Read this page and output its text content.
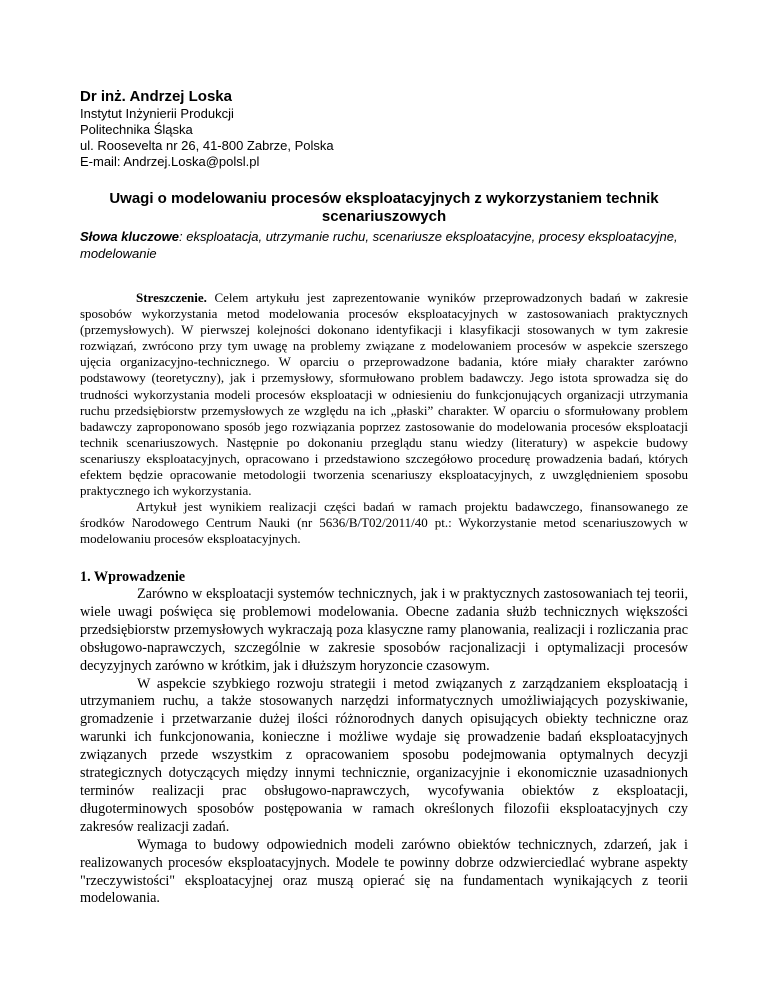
Dr inż. Andrzej Loska
Instytut Inżynierii Produkcji
Politechnika Śląska
ul. Roosevelta nr 26, 41-800 Zabrze, Polska
E-mail: Andrzej.Loska@polsl.pl
Uwagi o modelowaniu procesów eksploatacyjnych z wykorzystaniem technik scenariuszowych
Słowa kluczowe: eksploatacja, utrzymanie ruchu, scenariusze eksploatacyjne, procesy eksploatacyjne, modelowanie

Streszczenie. Celem artykułu jest zaprezentowanie wyników przeprowadzonych badań w zakresie sposobów wykorzystania metod modelowania procesów eksploatacyjnych w zastosowaniach praktycznych (przemysłowych). W pierwszej kolejności dokonano identyfikacji i klasyfikacji stosowanych w tym zakresie rozwiązań, zwrócono przy tym uwagę na problemy związane z modelowaniem procesów w aspekcie szerszego ujęcia organizacyjno-technicznego. W oparciu o przeprowadzone badania, które miały charakter zarówno podstawowy (teoretyczny), jak i przemysłowy, sformułowano problem badawczy. Jego istota sprowadza się do trudności wykorzystania modeli procesów eksploatacji w odniesieniu do funkcjonujących organizacji utrzymania ruchu przedsiębiorstw przemysłowych ze względu na ich „płaski” charakter. W oparciu o sformułowany problem badawczy zaproponowano sposób jego rozwiązania poprzez zastosowanie do modelowania procesów eksploatacji technik scenariuszowych. Następnie po dokonaniu przeglądu stanu wiedzy (literatury) w aspekcie budowy scenariuszy eksploatacyjnych, opracowano i przedstawiono szczegółowo procedurę prowadzenia badań, których efektem będzie opracowanie metodologii tworzenia scenariuszy eksploatacyjnych, z uwzględnieniem sposobu praktycznego ich wykorzystania.

Artykuł jest wynikiem realizacji części badań w ramach projektu badawczego, finansowanego ze środków Narodowego Centrum Nauki (nr 5636/B/T02/2011/40 pt.: Wykorzystanie metod scenariuszowych w modelowaniu procesów eksploatacyjnych.

1. Wprowadzenie

Zarówno w eksploatacji systemów technicznych, jak i w praktycznych zastosowaniach tej teorii, wiele uwagi poświęca się problemowi modelowania. Obecne zadania służb technicznych większości przedsiębiorstw przemysłowych wykraczają poza klasyczne ramy planowania, realizacji i rozliczania prac obsługowo-naprawczych, szczególnie w zakresie sposobów racjonalizacji i optymalizacji procesów decyzyjnych zarówno w krótkim, jak i dłuższym horyzoncie czasowym.

W aspekcie szybkiego rozwoju strategii i metod związanych z zarządzaniem eksploatacją i utrzymaniem ruchu, a także stosowanych narzędzi informatycznych umożliwiających pozyskiwanie, gromadzenie i przetwarzanie dużej ilości różnorodnych danych opisujących obiekty techniczne oraz warunki ich funkcjonowania, konieczne i możliwe wydaje się prowadzenie badań eksploatacyjnych związanych przede wszystkim z opracowaniem sposobu podejmowania optymalnych decyzji strategicznych dotyczących między innymi technicznie, organizacyjnie i ekonomicznie uzasadnionych terminów realizacji prac obsługowo-naprawczych, wycofywania obiektów z eksploatacji, długoterminowych sposobów postępowania w ramach określonych filozofii eksploatacyjnych czy zakresów realizacji zadań.

Wymaga to budowy odpowiednich modeli zarówno obiektów technicznych, zdarzeń, jak i realizowanych procesów eksploatacyjnych. Modele te powinny dobrze odzwierciedlać wybrane aspekty "rzeczywistości" eksploatacyjnej oraz muszą opierać się na fundamentach wynikających z teorii modelowania.
